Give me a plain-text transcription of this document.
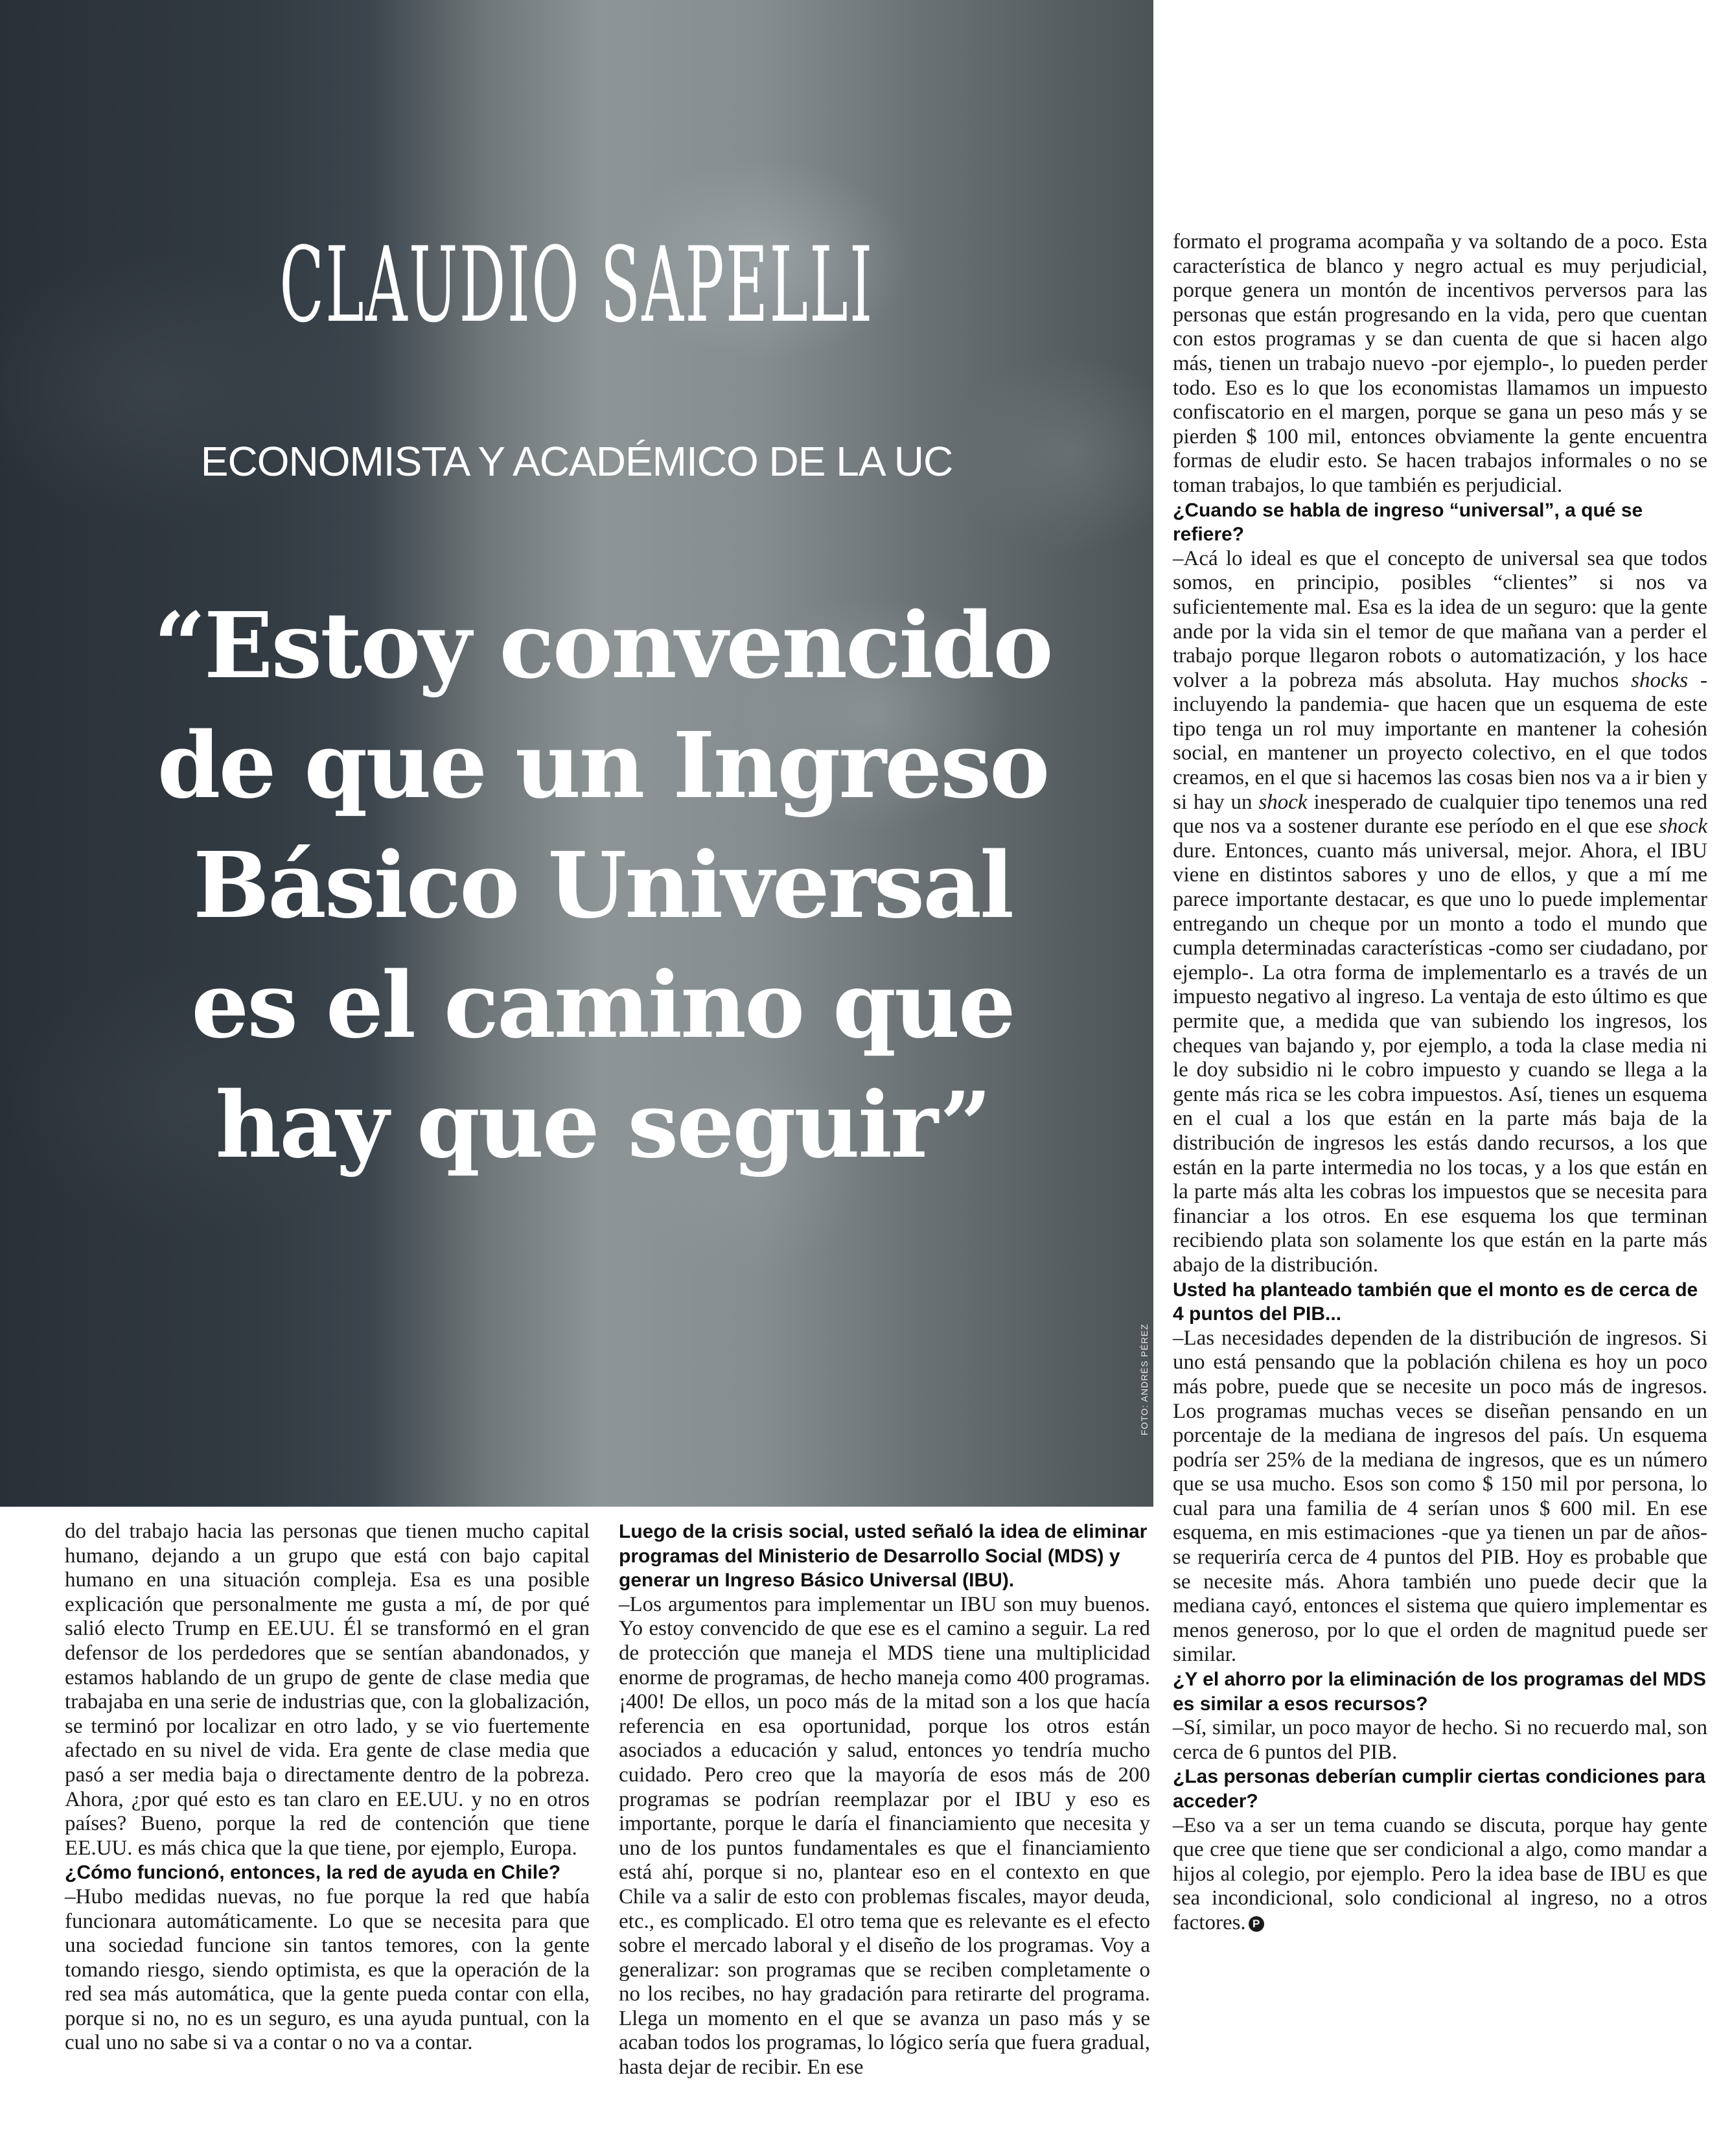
CLAUDIO SAPELLI
ECONOMISTA Y ACADÉMICO DE LA UC
“Estoy convencido de que un Ingreso Básico Universal es el camino que hay que seguir”
FOTO: ANDRÉS PÉREZ

do del trabajo hacia las personas que tienen mucho capital humano, dejando a un grupo que está con bajo capital humano en una situación compleja. Esa es una posible explicación que personalmente me gusta a mí, de por qué salió electo Trump en EE.UU. Él se transformó en el gran defensor de los perdedores que se sentían abandonados, y estamos hablando de un grupo de gente de clase media que trabajaba en una serie de industrias que, con la globalización, se terminó por localizar en otro lado, y se vio fuertemente afectado en su nivel de vida. Era gente de clase media que pasó a ser media baja o directamente dentro de la pobreza. Ahora, ¿por qué esto es tan claro en EE.UU. y no en otros países? Bueno, porque la red de contención que tiene EE.UU. es más chica que la que tiene, por ejemplo, Europa.

¿Cómo funcionó, entonces, la red de ayuda en Chile?

–Hubo medidas nuevas, no fue porque la red que había funcionara automáticamente. Lo que se necesita para que una sociedad funcione sin tantos temores, con la gente tomando riesgo, siendo optimista, es que la operación de la red sea más automática, que la gente pueda contar con ella, porque si no, no es un seguro, es una ayuda puntual, con la cual uno no sabe si va a contar o no va a contar.

Luego de la crisis social, usted señaló la idea de eliminar programas del Ministerio de Desarrollo Social (MDS) y generar un Ingreso Básico Universal (IBU).

–Los argumentos para implementar un IBU son muy buenos. Yo estoy convencido de que ese es el camino a seguir. La red de protección que maneja el MDS tiene una multiplicidad enorme de programas, de hecho maneja como 400 programas. ¡400! De ellos, un poco más de la mitad son a los que hacía referencia en esa oportunidad, porque los otros están asociados a educación y salud, entonces yo tendría mucho cuidado. Pero creo que la mayoría de esos más de 200 programas se podrían reemplazar por el IBU y eso es importante, porque le daría el financiamiento que necesita y uno de los puntos fundamentales es que el financiamiento está ahí, porque si no, plantear eso en el contexto en que Chile va a salir de esto con problemas fiscales, mayor deuda, etc., es complicado. El otro tema que es relevante es el efecto sobre el mercado laboral y el diseño de los programas. Voy a generalizar: son programas que se reciben completamente o no los recibes, no hay gradación para retirarte del programa. Llega un momento en el que se avanza un paso más y se acaban todos los programas, lo lógico sería que fuera gradual, hasta dejar de recibir. En ese

formato el programa acompaña y va soltando de a poco. Esta característica de blanco y negro actual es muy perjudicial, porque genera un montón de incentivos perversos para las personas que están progresando en la vida, pero que cuentan con estos programas y se dan cuenta de que si hacen algo más, tienen un trabajo nuevo -por ejemplo-, lo pueden perder todo. Eso es lo que los economistas llamamos un impuesto confiscatorio en el margen, porque se gana un peso más y se pierden $ 100 mil, entonces obviamente la gente encuentra formas de eludir esto. Se hacen trabajos informales o no se toman trabajos, lo que también es perjudicial.

¿Cuando se habla de ingreso “universal”, a qué se refiere?

–Acá lo ideal es que el concepto de universal sea que todos somos, en principio, posibles “clientes” si nos va suficientemente mal. Esa es la idea de un seguro: que la gente ande por la vida sin el temor de que mañana van a perder el trabajo porque llegaron robots o automatización, y los hace volver a la pobreza más absoluta. Hay muchos shocks -incluyendo la pandemia- que hacen que un esquema de este tipo tenga un rol muy importante en mantener la cohesión social, en mantener un proyecto colectivo, en el que todos creamos, en el que si hacemos las cosas bien nos va a ir bien y si hay un shock inesperado de cualquier tipo tenemos una red que nos va a sostener durante ese período en el que ese shock dure. Entonces, cuanto más universal, mejor. Ahora, el IBU viene en distintos sabores y uno de ellos, y que a mí me parece importante destacar, es que uno lo puede implementar entregando un cheque por un monto a todo el mundo que cumpla determinadas características -como ser ciudadano, por ejemplo-. La otra forma de implementarlo es a través de un impuesto negativo al ingreso. La ventaja de esto último es que permite que, a medida que van subiendo los ingresos, los cheques van bajando y, por ejemplo, a toda la clase media ni le doy subsidio ni le cobro impuesto y cuando se llega a la gente más rica se les cobra impuestos. Así, tienes un esquema en el cual a los que están en la parte más baja de la distribución de ingresos les estás dando recursos, a los que están en la parte intermedia no los tocas, y a los que están en la parte más alta les cobras los impuestos que se necesita para financiar a los otros. En ese esquema los que terminan recibiendo plata son solamente los que están en la parte más abajo de la distribución.

Usted ha planteado también que el monto es de cerca de 4 puntos del PIB...

–Las necesidades dependen de la distribución de ingresos. Si uno está pensando que la población chilena es hoy un poco más pobre, puede que se necesite un poco más de ingresos. Los programas muchas veces se diseñan pensando en un porcentaje de la mediana de ingresos del país. Un esquema podría ser 25% de la mediana de ingresos, que es un número que se usa mucho. Esos son como $ 150 mil por persona, lo cual para una familia de 4 serían unos $ 600 mil. En ese esquema, en mis estimaciones -que ya tienen un par de años- se requeriría cerca de 4 puntos del PIB. Hoy es probable que se necesite más. Ahora también uno puede decir que la mediana cayó, entonces el sistema que quiero implementar es menos generoso, por lo que el orden de magnitud puede ser similar.

¿Y el ahorro por la eliminación de los programas del MDS es similar a esos recursos?

–Sí, similar, un poco mayor de hecho. Si no recuerdo mal, son cerca de 6 puntos del PIB.

¿Las personas deberían cumplir ciertas condiciones para acceder?

–Eso va a ser un tema cuando se discuta, porque hay gente que cree que tiene que ser condicional a algo, como mandar a hijos al colegio, por ejemplo. Pero la idea base de IBU es que sea incondicional, solo condicional al ingreso, no a otros factores. P
